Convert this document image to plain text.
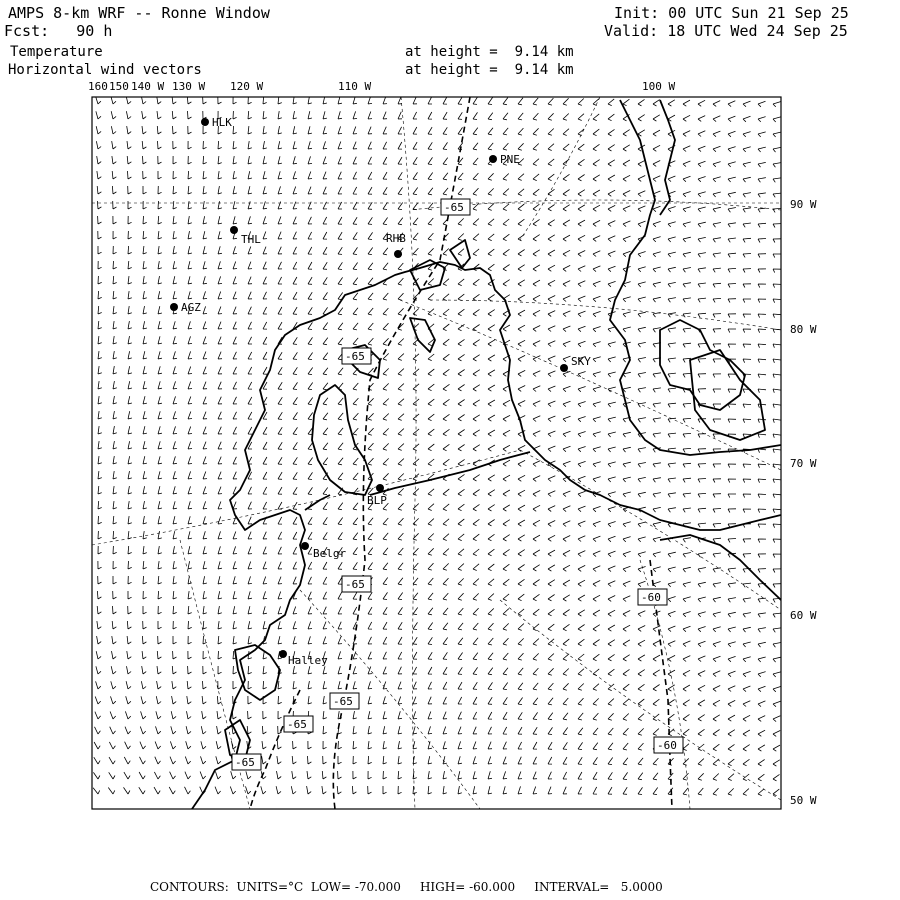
AMPS 8-km WRF -- Ronne Window	Init: 00 UTC Sun 21 Sep 25
Fcst:   90 h	Valid: 18 UTC Wed 24 Sep 25
Temperature
Horizontal wind vectors
at height =  9.14 km
at height =  9.14 km
160 150 140 W 130 W 120 W	110 W	100 W
90 W
80 W
70 W
60 W
50 W
HLK
PNE
THL	RHB
AGZ
SKY
BLP
Belgr
Halley
-65
-65
-65
-65
-65
-60
-60
-65
CONTOURS:  UNITS=°C  LOW= -70.000     HIGH= -60.000     INTERVAL=   5.0000
